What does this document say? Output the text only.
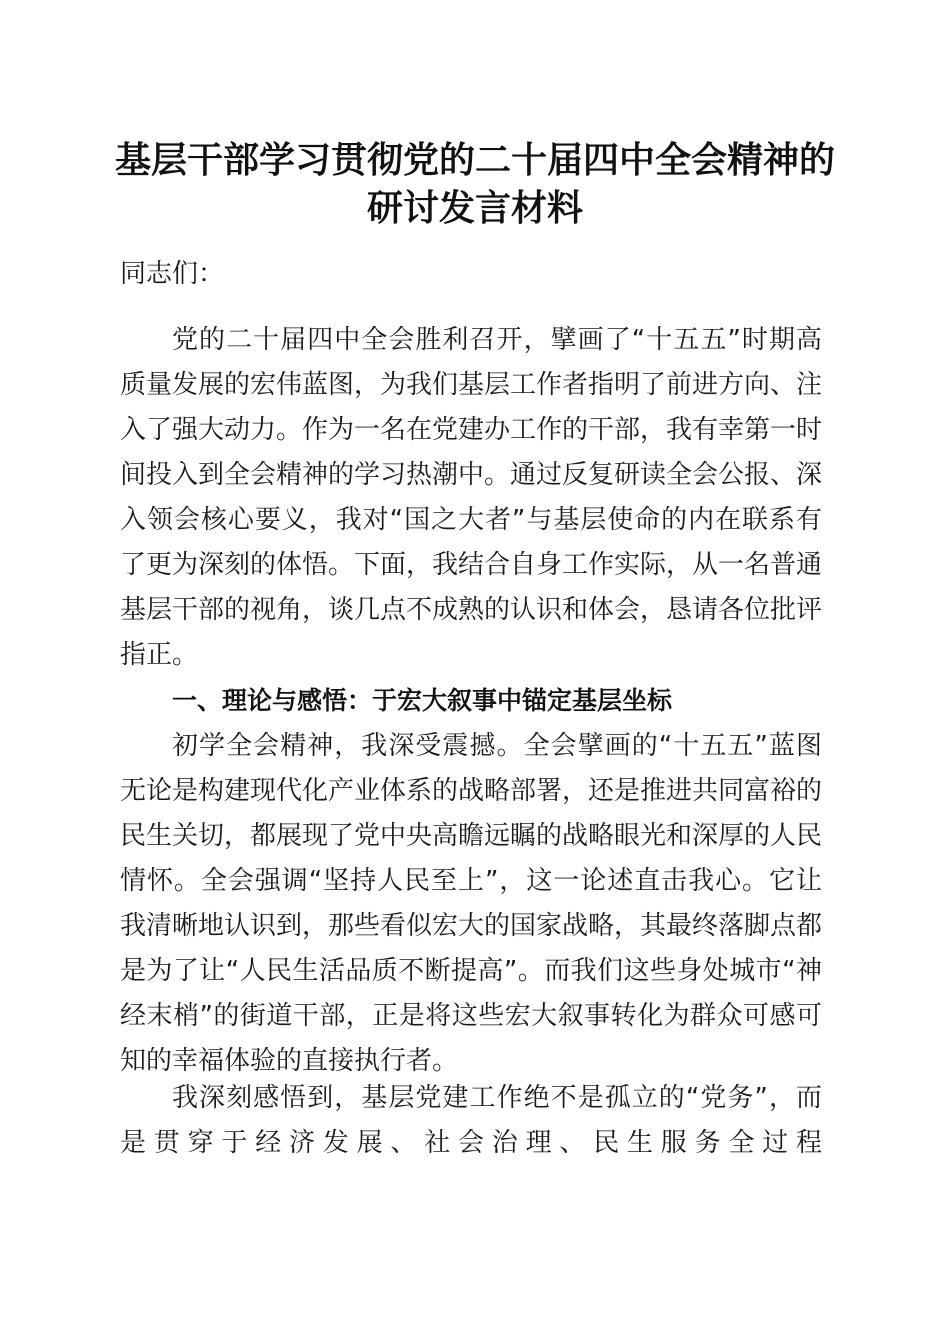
基层干部学习贯彻党的二十届四中全会精神的
研讨发言材料
同志们：

党的二十届四中全会胜利召开，擘画了“十五五”时期高质量发展的宏伟蓝图，为我们基层工作者指明了前进方向、注入了强大动力。作为一名在党建办工作的干部，我有幸第一时间投入到全会精神的学习热潮中。通过反复研读全会公报、深入领会核心要义，我对“国之大者”与基层使命的内在联系有了更为深刻的体悟。下面，我结合自身工作实际，从一名普通基层干部的视角，谈几点不成熟的认识和体会，恳请各位批评指正。

一、理论与感悟：于宏大叙事中锚定基层坐标

初学全会精神，我深受震撼。全会擘画的“十五五”蓝图无论是构建现代化产业体系的战略部署，还是推进共同富裕的民生关切，都展现了党中央高瞻远瞩的战略眼光和深厚的人民情怀。全会强调“坚持人民至上”，这一论述直击我心。它让我清晰地认识到，那些看似宏大的国家战略，其最终落脚点都是为了让“人民生活品质不断提高”。而我们这些身处城市“神经末梢”的街道干部，正是将这些宏大叙事转化为群众可感可知的幸福体验的直接执行者。

我深刻感悟到，基层党建工作绝不是孤立的“党务”，而是贯穿于经济发展、社会治理、民生服务全过程
